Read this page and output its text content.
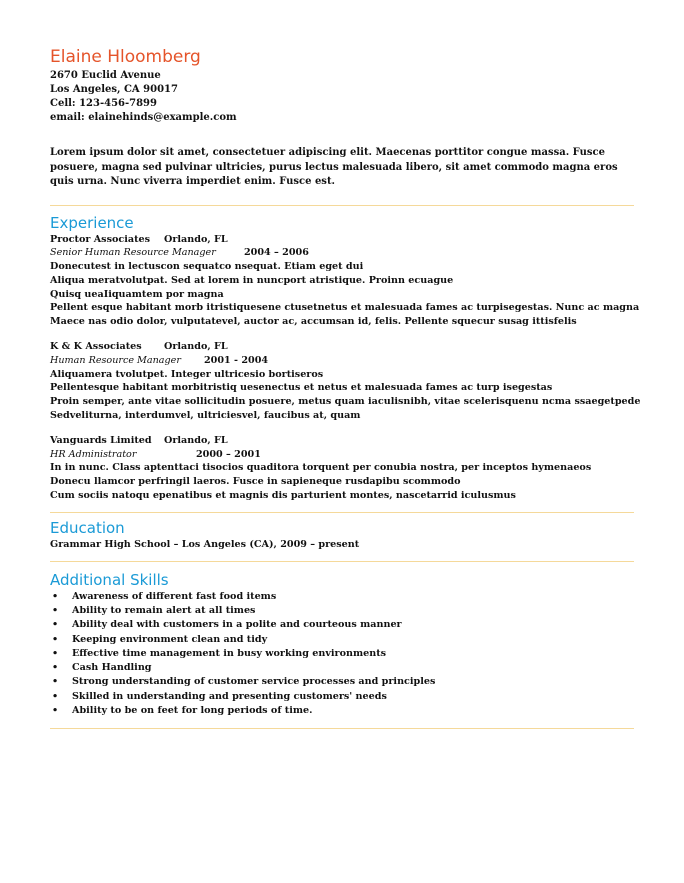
Elaine Hloomberg
2670 Euclid Avenue
Los Angeles, CA 90017
Cell: 123-456-7899
email: elainehinds@example.com
Lorem ipsum dolor sit amet, consectetuer adipiscing elit. Maecenas porttitor congue massa. Fusce posuere, magna sed pulvinar ultricies, purus lectus malesuada libero, sit amet commodo magna eros quis urna. Nunc viverra imperdiet enim. Fusce est.
Experience
Proctor Associates Orlando, FL
Senior Human Resource Manager	2004 – 2006
Donecutest in lectuscon sequatco nsequat. Etiam eget dui
Aliqua meratvolutpat. Sed at lorem in nuncport atristique. Proinn ecuague
Quisq ueaIiquamtem por magna
Pellent esque habitant morb itristiquesene ctusetnetus et malesuada fames ac turpisegestas. Nunc ac magna
Maece nas odio dolor, vulputatevel, auctor ac, accumsan id, felis. Pellente squecur susag ittisfelis
K & K Associates Orlando, FL
Human Resource Manager 2001 - 2004
Aliquamera tvolutpet. Integer ultricesio bortiseros
Pellentesque habitant morbitristiq uesenectus et netus et malesuada fames ac turp isegestas
Proin semper, ante vitae sollicitudin posuere, metus quam iaculisnibh, vitae scelerisquenu ncma ssaegetpede
Sedveliturna, interdumvel, ultriciesvel, faucibus at, quam
Vanguards Limited Orlando, FL
HR Administrator	2000 – 2001
In in nunc. Class aptenttaci tisocios quaditora torquent per conubia nostra, per inceptos hymenaeos
Donecu llamcor perfringil laeros. Fusce in sapieneque rusdapibu scommodo
Cum sociis natoqu epenatibus et magnis dis parturient montes, nascetarrid iculusmus
Education
Grammar High School – Los Angeles (CA), 2009 – present
Additional Skills
• Awareness of different fast food items
• Ability to remain alert at all times
• Ability deal with customers in a polite and courteous manner
• Keeping environment clean and tidy
• Effective time management in busy working environments
• Cash Handling
• Strong understanding of customer service processes and principles
• Skilled in understanding and presenting customers' needs
• Ability to be on feet for long periods of time.
